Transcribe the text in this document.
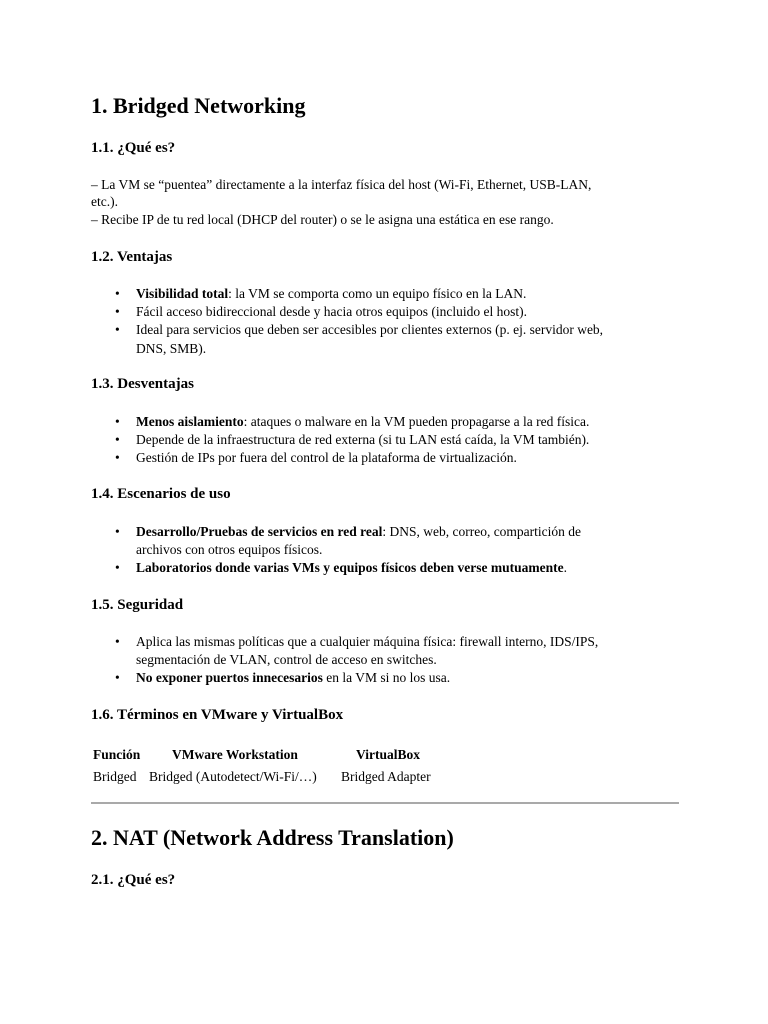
1. Bridged Networking
1.1. ¿Qué es?
– La VM se “puentea” directamente a la interfaz física del host (Wi-Fi, Ethernet, USB-LAN,
etc.).
– Recibe IP de tu red local (DHCP del router) o se le asigna una estática en ese rango.
1.2. Ventajas
• Visibilidad total: la VM se comporta como un equipo físico en la LAN.
• Fácil acceso bidireccional desde y hacia otros equipos (incluido el host).
• Ideal para servicios que deben ser accesibles por clientes externos (p. ej. servidor web,
DNS, SMB).
1.3. Desventajas
• Menos aislamiento: ataques o malware en la VM pueden propagarse a la red física.
• Depende de la infraestructura de red externa (si tu LAN está caída, la VM también).
• Gestión de IPs por fuera del control de la plataforma de virtualización.
1.4. Escenarios de uso
• Desarrollo/Pruebas de servicios en red real: DNS, web, correo, compartición de
archivos con otros equipos físicos.
• Laboratorios donde varias VMs y equipos físicos deben verse mutuamente.
1.5. Seguridad
• Aplica las mismas políticas que a cualquier máquina física: firewall interno, IDS/IPS,
segmentación de VLAN, control de acceso en switches.
• No exponer puertos innecesarios en la VM si no los usa.
1.6. Términos en VMware y VirtualBox
Función VMware Workstation	VirtualBox
Bridged Bridged (Autodetect/Wi-Fi/…) Bridged Adapter
2. NAT (Network Address Translation)
2.1. ¿Qué es?
